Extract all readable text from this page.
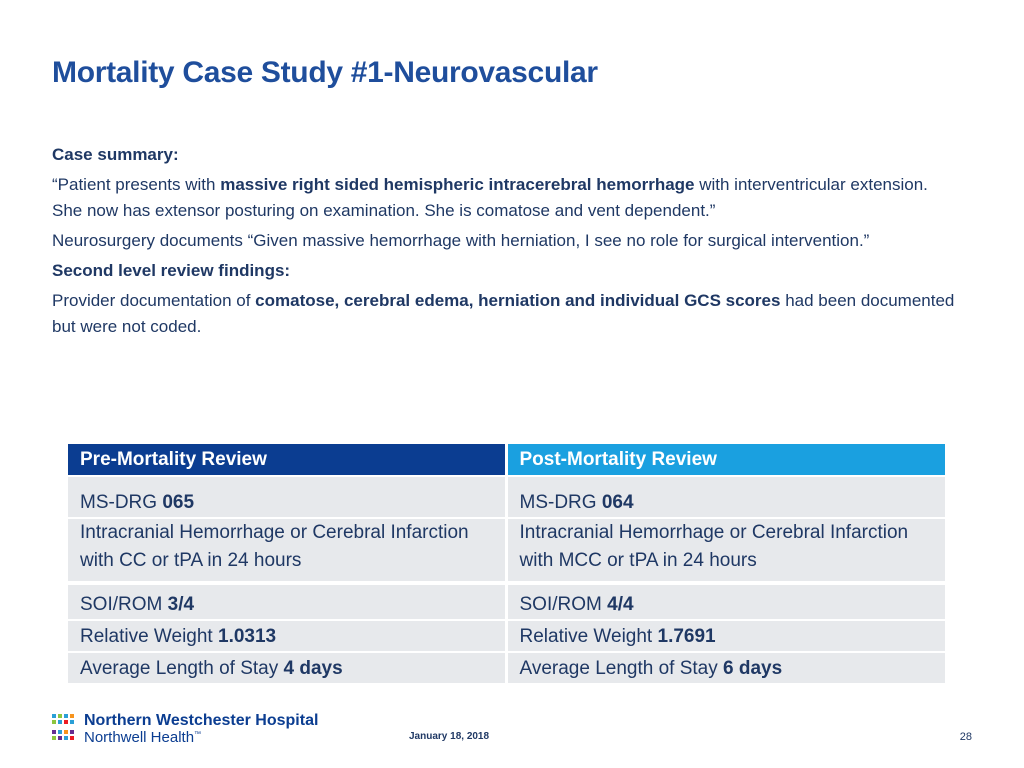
Mortality Case Study #1-Neurovascular

Case summary:

“Patient presents with massive right sided hemispheric intracerebral hemorrhage with interventricular extension. She now has extensor posturing on examination. She is comatose and vent dependent.”

Neurosurgery documents “Given massive hemorrhage with herniation, I see no role for surgical intervention.”

Second level review findings:

Provider documentation of comatose, cerebral edema, herniation and individual GCS scores had been documented but were not coded.

Pre-Mortality Review	Post-Mortality Review
MS-DRG 065	MS-DRG 064
Intracranial Hemorrhage or Cerebral Infarction with CC or tPA in 24 hours	Intracranial Hemorrhage or Cerebral Infarction with MCC or tPA in 24 hours
SOI/ROM 3/4	SOI/ROM 4/4
Relative Weight 1.0313	Relative Weight 1.7691
Average Length of Stay 4 days	Average Length of Stay 6 days
Northern Westchester Hospital
Northwell Health™	January 18, 2018	28
